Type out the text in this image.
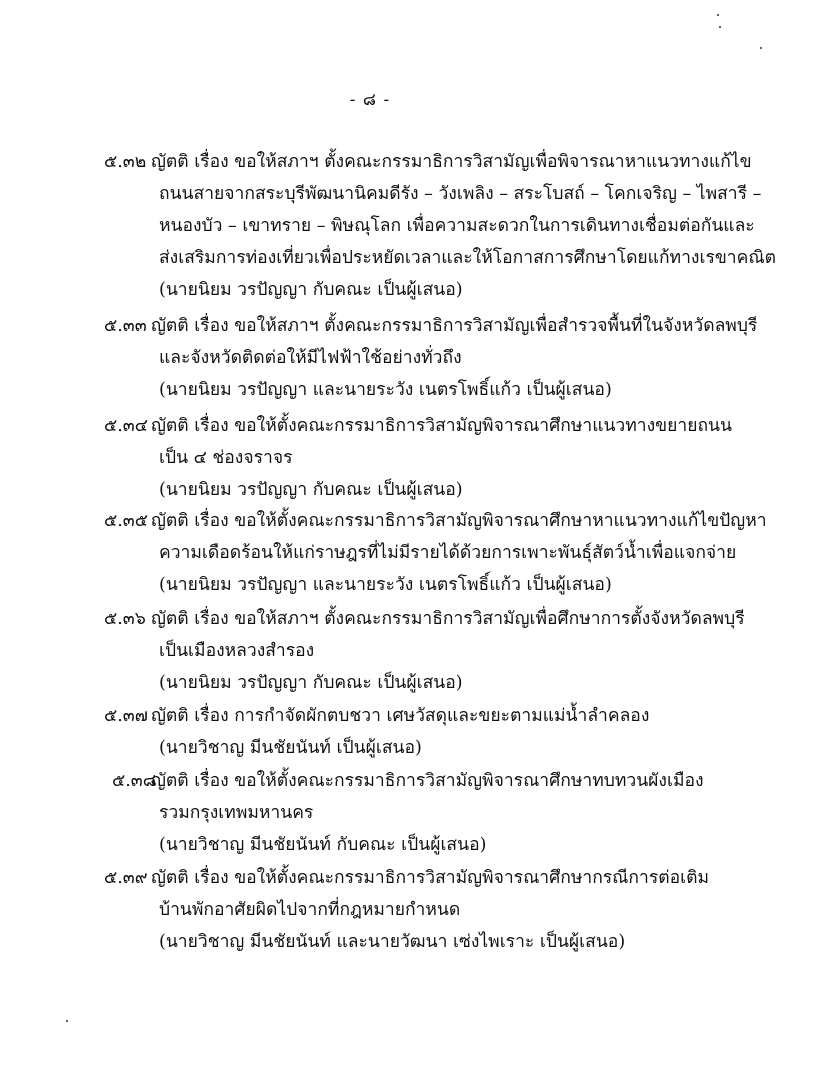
- ๘ -
๕.๓๒ ญัตติ เรื่อง ขอให้สภาฯ ตั้งคณะกรรมาธิการวิสามัญเพื่อพิจารณาหาแนวทางแก้ไข
ถนนสายจากสระบุรีพัฒนานิคมดีรัง – วังเพลิง – สระโบสถ์ – โคกเจริญ – ไพสารี –
หนองบัว – เขาทราย – พิษณุโลก เพื่อความสะดวกในการเดินทางเชื่อมต่อกันและ
ส่งเสริมการท่องเที่ยวเพื่อประหยัดเวลาและให้โอกาสการศึกษาโดยแก้ทางเรขาคณิต
(นายนิยม วรปัญญา กับคณะ เป็นผู้เสนอ)
๕.๓๓ ญัตติ เรื่อง ขอให้สภาฯ ตั้งคณะกรรมาธิการวิสามัญเพื่อสำรวจพื้นที่ในจังหวัดลพบุรี
และจังหวัดติดต่อให้มีไฟฟ้าใช้อย่างทั่วถึง
(นายนิยม วรปัญญา และนายระวัง เนตรโพธิ์แก้ว เป็นผู้เสนอ)
๕.๓๔ ญัตติ เรื่อง ขอให้ตั้งคณะกรรมาธิการวิสามัญพิจารณาศึกษาแนวทางขยายถนน
เป็น ๔ ช่องจราจร
(นายนิยม วรปัญญา กับคณะ เป็นผู้เสนอ)
๕.๓๕ ญัตติ เรื่อง ขอให้ตั้งคณะกรรมาธิการวิสามัญพิจารณาศึกษาหาแนวทางแก้ไขปัญหา
ความเดือดร้อนให้แก่ราษฎรที่ไม่มีรายได้ด้วยการเพาะพันธุ์สัตว์น้ำเพื่อแจกจ่าย
(นายนิยม วรปัญญา และนายระวัง เนตรโพธิ์แก้ว เป็นผู้เสนอ)
๕.๓๖ ญัตติ เรื่อง ขอให้สภาฯ ตั้งคณะกรรมาธิการวิสามัญเพื่อศึกษาการตั้งจังหวัดลพบุรี
เป็นเมืองหลวงสำรอง
(นายนิยม วรปัญญา กับคณะ เป็นผู้เสนอ)
๕.๓๗ ญัตติ เรื่อง การกำจัดผักตบชวา เศษวัสดุและขยะตามแม่น้ำลำคลอง
(นายวิชาญ มีนชัยนันท์ เป็นผู้เสนอ)
๕.๓๘
ญัตติ เรื่อง ขอให้ตั้งคณะกรรมาธิการวิสามัญพิจารณาศึกษาทบทวนผังเมือง
รวมกรุงเทพมหานคร
(นายวิชาญ มีนชัยนันท์ กับคณะ เป็นผู้เสนอ)
๕.๓๙ ญัตติ เรื่อง ขอให้ตั้งคณะกรรมาธิการวิสามัญพิจารณาศึกษากรณีการต่อเติม
บ้านพักอาศัยผิดไปจากที่กฎหมายกำหนด
(นายวิชาญ มีนชัยนันท์ และนายวัฒนา เซ่งไพเราะ เป็นผู้เสนอ)
